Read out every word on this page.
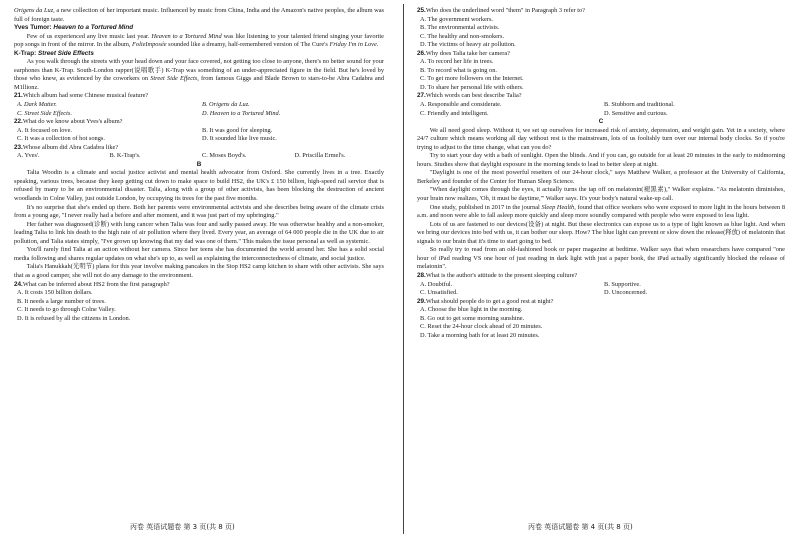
Origens da Luz, a new collection of her important music. Influenced by music from China, India and the Amazon's native peoples, the album was full of foreign taste.

Yves Tumor: Heaven to a Tortured Mind

Few of us experienced any live music last year. Heaven to a Tortured Mind was like listening to your talented friend singing your favorite pop songs in front of the mirror. In the album, FolieImposée sounded like a dreamy, half-remembered version of The Cure's Friday I'm in Love.

K-Trap: Street Side Effects

As you walk through the streets with your head down and your face covered, not getting too close to anyone, there's no better sound for your earphones than K-Trap. South-London rapper(说唱歌手) K-Trap was something of an under-appreciated figure in the field. But he's loved by those who knew, as evidenced by the coworkers on Street Side Effects, from famous Giggs and Blade Brown to stars-to-be Abra Cadabra and M1llionz.

21.Which album had some Chinese musical feature?

A. Dark Matter.	B. Origens da Luz.
C. Street Side Effects.	D. Heaven to a Tortured Mind.

22.What do we know about Yves's album?

A. It focused on love.	B. It was good for sleeping.
C. It was a collection of hot songs.	D. It sounded like live music.

23.Whose album did Abra Cadabra like?

A. Yves'.	B. K-Trap's.	C. Moses Boyd's.	D. Priscilla Ermel's.

B

Talia Woodin is a climate and social justice activist and mental health advocator from Oxford. She currently lives in a tree. Exactly speaking, various trees, because they keep getting cut down to make space to build HS2, the UK's £ 150 billion, high-speed rail service that is refused by many to be an environmental disaster. Talia, along with a group of other activists, has been blocking the destruction of ancient woodlands in Colne Valley, just outside London, by occupying its trees for the past five months.

It's no surprise that she's ended up there. Both her parents were environmental activists and she describes being aware of the climate crisis from a young age, "I never really had a before and after moment, and it was just part of my upbringing."

Her father was diagnosed(诊断) with lung cancer when Talia was four and sadly passed away. He was otherwise healthy and a non-smoker, leading Talia to link his death to the high rate of air pollution where they lived. Every year, an average of 64 000 people die in the UK due to air pollution, and Talia states simply, "I've grown up knowing that my dad was one of them." This makes the issue personal as well as systemic.

You'll rarely find Talia at an action without her camera. Since her teens she has documented the world around her. She has a solid social media following and shares regular updates on what she's up to, as well as explaining the interconnectedness of climate, and social justice.

Talia's Hanukkah(光明节) plans for this year involve making pancakes in the Stop HS2 camp kitchen to share with other activists. She says that as a good camper, she will not do any damage to the environment.

24.What can be inferred about HS2 from the first paragraph?

A. It costs 150 billion dollars.
B. It needs a large number of trees.
C. It needs to go through Colne Valley.
D. It is refused by all the citizens in London.

25.Who does the underlined word "them" in Paragraph 3 refer to?

A. The government workers.
B. The environmental activists.
C. The healthy and non-smokers.
D. The victims of heavy air pollution.

26.Why does Talia take her camera?

A. To record her life in trees.
B. To record what is going on.
C. To get more followers on the Internet.
D. To share her personal life with others.

27.Which words can best describe Talia?

A. Responsible and considerate.	B. Stubborn and traditional.
C. Friendly and intelligent.	D. Sensitive and curious.

C

We all need good sleep. Without it, we set up ourselves for increased risk of anxiety, depression, and weight gain. Yet in a society, where 24/7 culture which means working all day without rest is the mainstream, lots of us foolishly turn over our internal body clocks. So if you're trying to adjust to the time change, what can you do?

Try to start your day with a bath of sunlight. Open the blinds. And if you can, go outside for at least 20 minutes in the early to midmorning hours. Studies show that daylight exposure in the morning tends to lead to better sleep at night.

"Daylight is one of the most powerful resetters of our 24-hour clock," says Matthew Walker, a professor at the University of California, Berkeley and founder of the Center for Human Sleep Science.

"When daylight comes through the eyes, it actually turns the tap off on melatonin(褪黑素)," Walker explains. "As melatonin diminishes, your brain now realizes, 'Oh, it must be daytime,'" Walker says. It's your body's natural wake-up call.

One study, published in 2017 in the journal Sleep Health, found that office workers who were exposed to more light in the hours between 8 a.m. and noon were able to fall asleep more quickly and sleep more soundly compared with people who were exposed to less light.

Lots of us are fastened to our devices(设备) at night. But these electronics can expose us to a type of light known as blue light. And when we bring our devices into bed with us, it can bother our sleep. How? The blue light can prevent or slow down the release(释放) of melatonin that signals to our brain that it's time to start going to bed.

So really try to read from an old-fashioned book or paper magazine at bedtime. Walker says that when researchers have compared "one hour of iPad reading VS one hour of just reading in dark light with just a paper book, the iPad actually significantly blocked the release of melatonin".

28.What is the author's attitude to the present sleeping culture?

A. Doubtful.	B. Supportive.
C. Unsatisfied.	D. Unconcerned.

29.What should people do to get a good rest at night?

A. Choose the blue light in the morning.
B. Go out to get some morning sunshine.
C. Reset the 24-hour clock ahead of 20 minutes.
D. Take a morning bath for at least 20 minutes.
丙卷 英语试题卷 第 3 页(共 8 页)	丙卷 英语试题卷 第 4 页(共 8 页)
